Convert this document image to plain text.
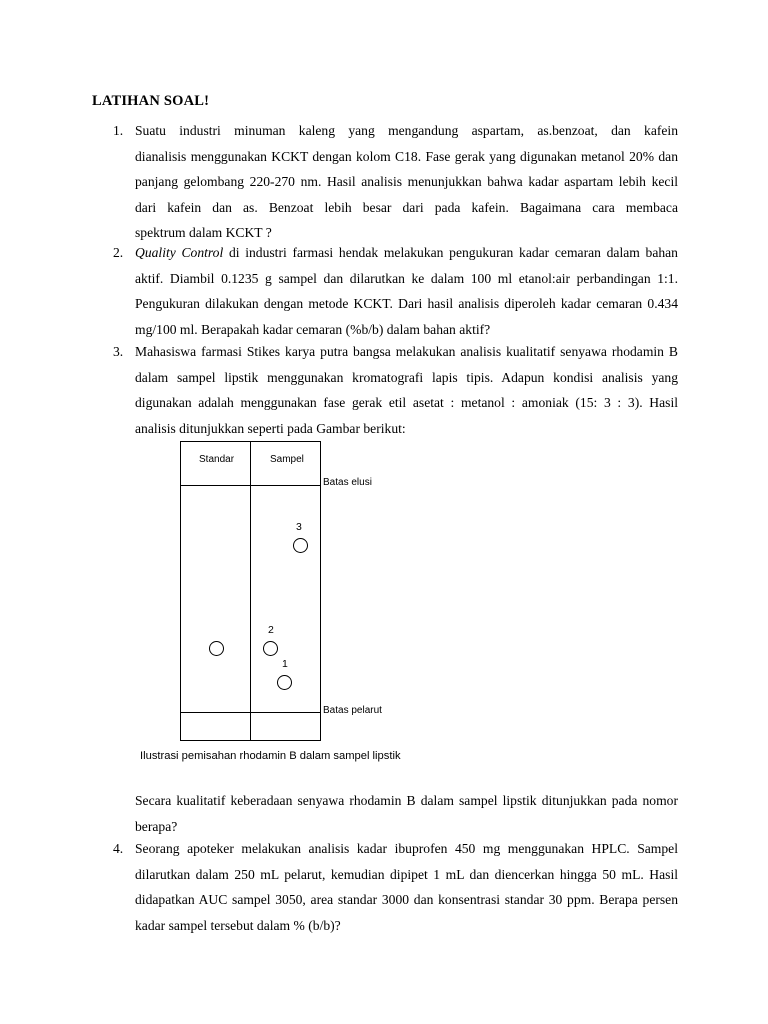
LATIHAN SOAL!
1. Suatu industri minuman kaleng yang mengandung aspartam, as.benzoat, dan kafein
dianalisis menggunakan KCKT dengan kolom C18. Fase gerak yang digunakan metanol 20% dan
panjang gelombang 220-270 nm. Hasil analisis menunjukkan bahwa kadar aspartam lebih kecil
dari kafein dan as. Benzoat lebih besar dari pada kafein. Bagaimana cara membaca
spektrum dalam KCKT ?
2. Quality Control di industri farmasi hendak melakukan pengukuran kadar cemaran dalam bahan
aktif. Diambil 0.1235 g sampel dan dilarutkan ke dalam 100 ml etanol:air perbandingan 1:1.
Pengukuran dilakukan dengan metode KCKT. Dari hasil analisis diperoleh kadar cemaran 0.434
mg/100 ml. Berapakah kadar cemaran (%b/b) dalam bahan aktif?
3. Mahasiswa farmasi Stikes karya putra bangsa melakukan analisis kualitatif senyawa rhodamin B
dalam sampel lipstik menggunakan kromatografi lapis tipis. Adapun kondisi analisis yang
digunakan adalah menggunakan fase gerak etil asetat : metanol : amoniak (15: 3 : 3). Hasil
analisis ditunjukkan seperti pada Gambar berikut:
Standar	Sampel
3
2
1
Batas elusi
Batas pelarut
Ilustrasi pemisahan rhodamin B dalam sampel lipstik
Secara kualitatif keberadaan senyawa rhodamin B dalam sampel lipstik ditunjukkan pada nomor
berapa?
4. Seorang apoteker melakukan analisis kadar ibuprofen 450 mg menggunakan HPLC. Sampel
dilarutkan dalam 250 mL pelarut, kemudian dipipet 1 mL dan diencerkan hingga 50 mL. Hasil
didapatkan AUC sampel 3050, area standar 3000 dan konsentrasi standar 30 ppm. Berapa persen
kadar sampel tersebut dalam % (b/b)?
